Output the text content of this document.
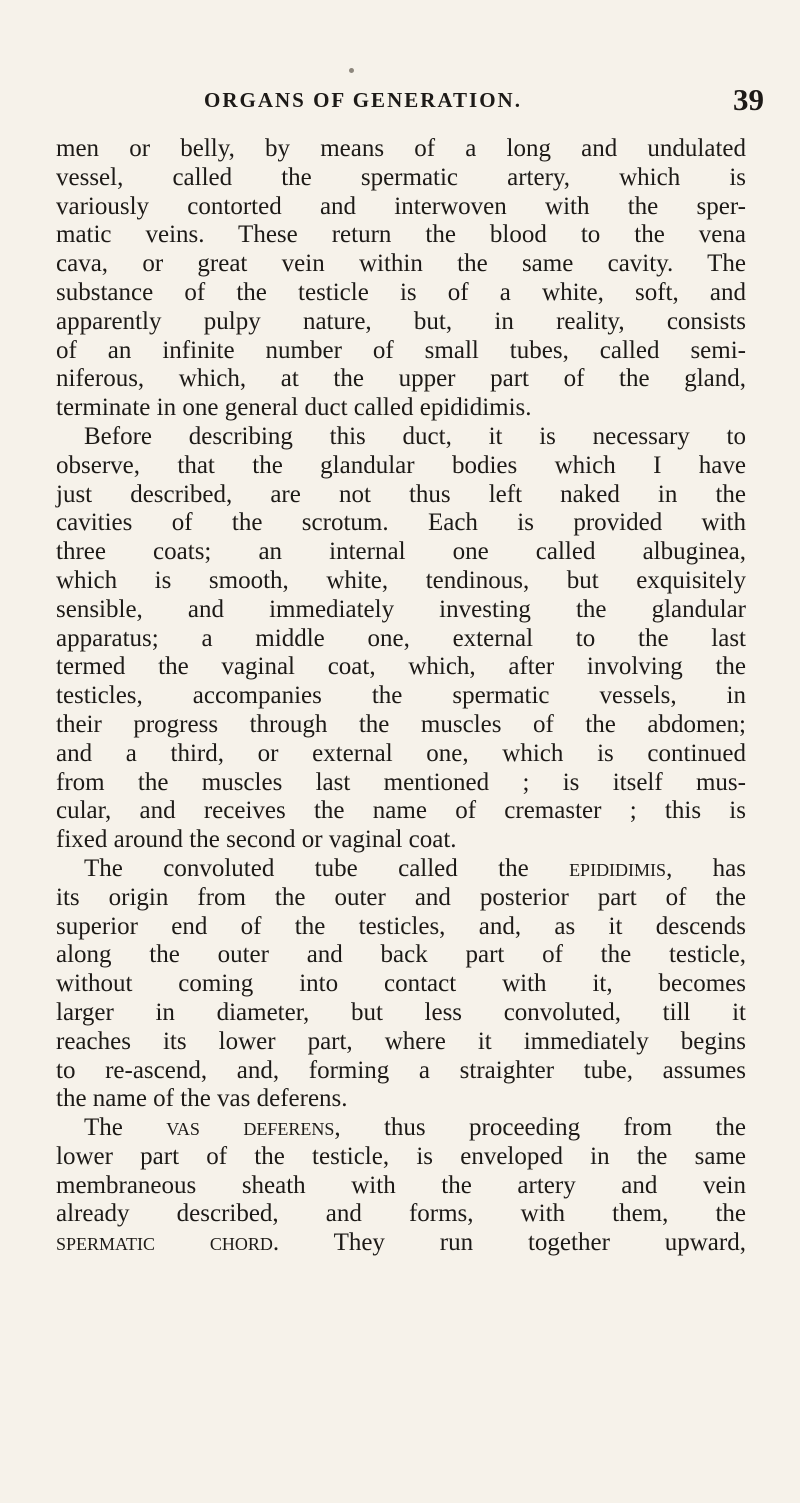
ORGANS OF GENERATION.	39
men or belly, by means of a long and undulated
vessel, called the spermatic artery, which is
variously contorted and interwoven with the sper-
matic veins. These return the blood to the vena
cava, or great vein within the same cavity. The
substance of the testicle is of a white, soft, and
apparently pulpy nature, but, in reality, consists
of an infinite number of small tubes, called semi-
niferous, which, at the upper part of the gland,
terminate in one general duct called epididimis.
Before describing this duct, it is necessary to
observe, that the glandular bodies which I have
just described, are not thus left naked in the
cavities of the scrotum. Each is provided with
three coats; an internal one called albuginea,
which is smooth, white, tendinous, but exquisitely
sensible, and immediately investing the glandular
apparatus; a middle one, external to the last
termed the vaginal coat, which, after involving the
testicles, accompanies the spermatic vessels, in
their progress through the muscles of the abdomen;
and a third, or external one, which is continued
from the muscles last mentioned ; is itself mus-
cular, and receives the name of cremaster ; this is
fixed around the second or vaginal coat.
The convoluted tube called the epididimis, has
its origin from the outer and posterior part of the
superior end of the testicles, and, as it descends
along the outer and back part of the testicle,
without coming into contact with it, becomes
larger in diameter, but less convoluted, till it
reaches its lower part, where it immediately begins
to re-ascend, and, forming a straighter tube, assumes
the name of the vas deferens.
The vas deferens, thus proceeding from the
lower part of the testicle, is enveloped in the same
membraneous sheath with the artery and vein
already described, and forms, with them, the
spermatic chord. They run together upward,
